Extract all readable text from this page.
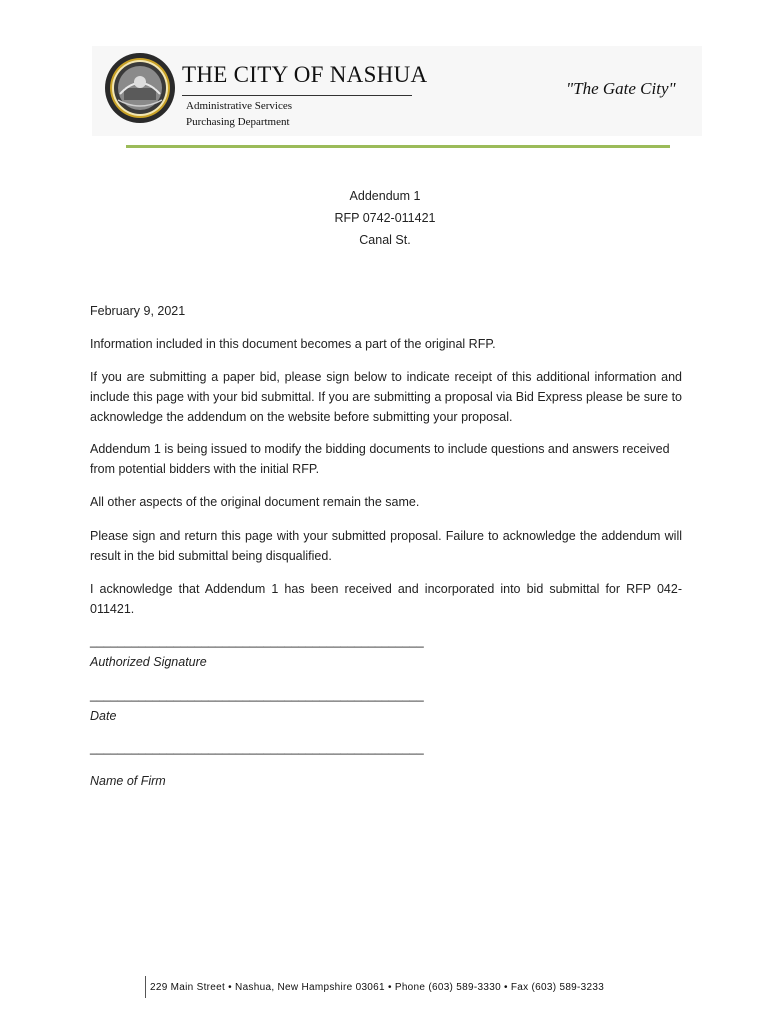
THE CITY OF NASHUA
Administrative Services
Purchasing Department
"The Gate City"
Addendum 1
RFP 0742-011421
Canal St.

February 9, 2021

Information included in this document becomes a part of the original RFP.

If you are submitting a paper bid, please sign below to indicate receipt of this additional information and include this page with your bid submittal. If you are submitting a proposal via Bid Express please be sure to acknowledge the addendum on the website before submitting your proposal.

Addendum 1 is being issued to modify the bidding documents to include questions and answers received from potential bidders with the initial RFP.

All other aspects of the original document remain the same.

Please sign and return this page with your submitted proposal. Failure to acknowledge the addendum will result in the bid submittal being disqualified.

I acknowledge that Addendum 1 has been received and incorporated into bid submittal for RFP 042-011421.

________________________________________________
Authorized Signature
________________________________________________
Date
________________________________________________
Name of Firm
229 Main Street • Nashua, New Hampshire 03061 • Phone (603) 589-3330 • Fax (603) 589-3233
